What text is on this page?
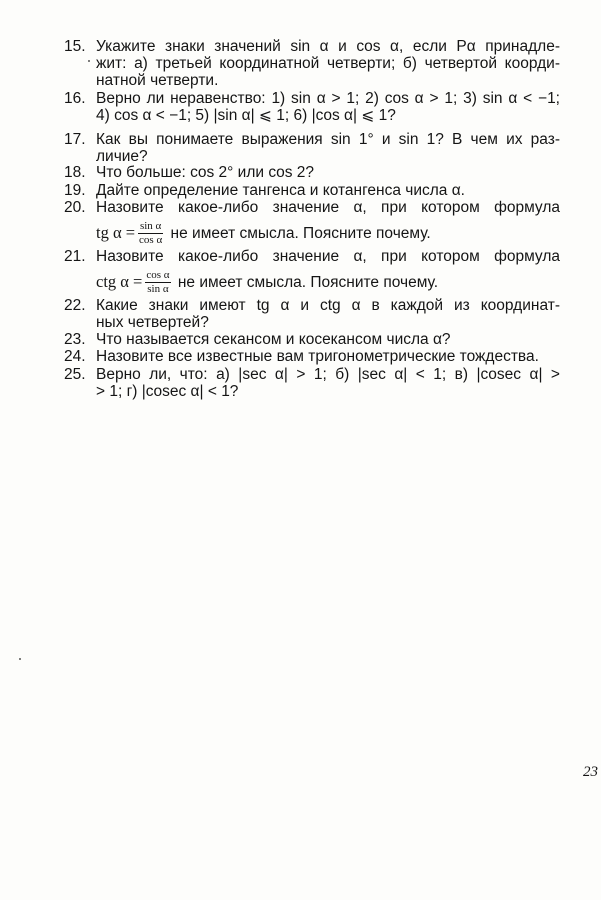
15. Укажите знаки значений sin α и cos α, если Pα принадле-
жит: а) третьей координатной четверти; б) четвертой коорди-
натной четверти.
16. Верно ли неравенство: 1) sin α > 1; 2) cos α > 1; 3) sin α < −1;
4) cos α < −1; 5) |sin α| ⩽ 1; 6) |cos α| ⩽ 1?
17. Как вы понимаете выражения sin 1° и sin 1? В чем их раз-
личие?
18. Что больше: cos 2° или cos 2?
19. Дайте определение тангенса и котангенса числа α.
20. Назовите какое-либо значение α, при котором формула
tg $\alpha = \frac{\text{sin α}}{\text{cos α}}$ не имеет смысла. Поясните почему.
21. Назовите какое-либо значение α, при котором формула
ctg $\alpha = \frac{\text{cos α}}{\text{sin α}}$ не имеет смысла. Поясните почему.
22. Какие знаки имеют tg α и ctg α в каждой из координат-
ных четвертей?
23. Что называется секансом и косекансом числа α?
24. Назовите все известные вам тригонометрические тождества.
25. Верно ли, что: а) |sec α| > 1; б) |sec α| < 1; в) |cosec α| >
> 1; г) |cosec α| < 1?
23
